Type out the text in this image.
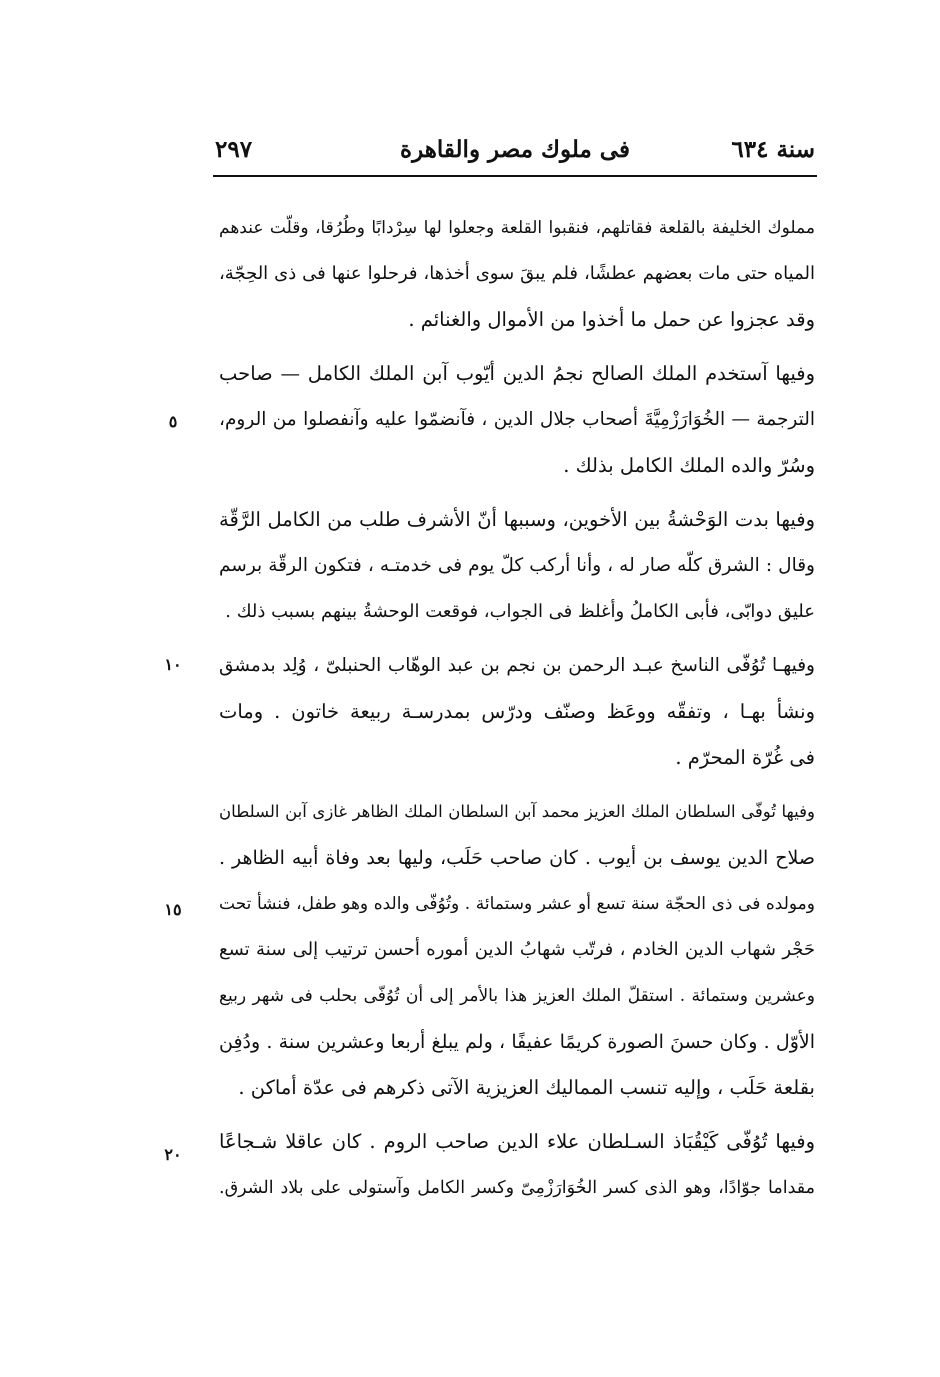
سنة ٦٣٤
فى ملوك مصر والقاهرة
٢٩٧
٥
١٠
١٥
٢٠
مملوك الخليفة بالقلعة فقاتلهم، فنقبوا القلعة وجعلوا لها سِرْدابًا وطُرُقا، وقلّت عندهم
المياه حتى مات بعضهم عطشًا، فلم يبقَ سوى أخذها، فرحلوا عنها فى ذى الحِجّة،
وقد عجزوا عن حمل ما أخذوا من الأموال والغنائم .
وفيها آستخدم الملك الصالح نجمُ الدين أيّوب آبن الملك الكامل — صاحب
الترجمة — الخُوَارَزْمِيَّةَ أصحاب جلال الدين ، فآنضمّوا عليه وآنفصلوا من الروم،
وسُرّ والده الملك الكامل بذلك .
وفيها بدت الوَحْشةُ بين الأخوين، وسببها أنّ الأشرف طلب من الكامل الرَّقّة
وقال : الشرق كلّه صار له ، وأنا أركب كلّ يوم فى خدمتـه ، فتكون الرقّة برسم
عليق دوابّى، فأبى الكاملُ وأغلظ فى الجواب، فوقعت الوحشةُ بينهم بسبب ذلك .
وفيهـا تُوُفّى الناسخ عبـد الرحمن بن نجم بن عبد الوهّاب الحنبلىّ ، وُلِد بدمشق
ونشأ بهـا ، وتفقّه ووعَظ وصنّف ودرّس بمدرسـة ربيعة خاتون . ومات
فى غُرّة المحرّم .
وفيها تُوفّى السلطان الملك العزيز محمد آبن السلطان الملك الظاهر غازى آبن السلطان
صلاح الدين يوسف بن أيوب . كان صاحب حَلَب، وليها بعد وفاة أبيه الظاهر .
ومولده فى ذى الحجّة سنة تسع أو عشر وستمائة . وتُوُفّى والده وهو طفل، فنشأ تحت
حَجْر شهاب الدين الخادم ، فرتّب شهابُ الدين أموره أحسن ترتيب إلى سنة تسع
وعشرين وستمائة . استقلّ الملك العزيز هذا بالأمر إلى أن تُوُفّى بحلب فى شهر ربيع
الأوّل . وكان حسنَ الصورة كريمًا عفيفًا ، ولم يبلغ أربعا وعشرين سنة . ودُفِن
بقلعة حَلَب ، وإليه تنسب المماليك العزيزية الآتى ذكرهم فى عدّة أماكن .
وفيها تُوُفّى كَيْقُبَاذ السـلطان علاء الدين صاحب الروم . كان عاقلا شـجاعًا
مقداما جوّادًا، وهو الذى كسر الخُوَارَزْمِىّ وكسر الكامل وآستولى على بلاد الشرق.
